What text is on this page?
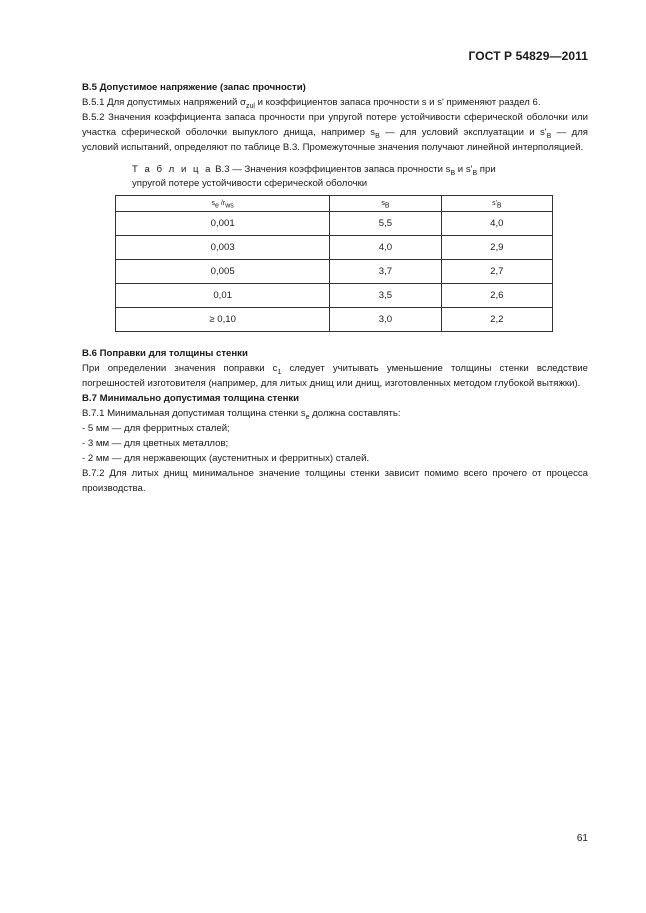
ГОСТ Р 54829—2011

B.5 Допустимое напряжение (запас прочности)

B.5.1 Для допустимых напряжений $\sigma_{zul}$ и коэффициентов запаса прочности s и s' применяют раздел 6.

B.5.2 Значения коэффициента запаса прочности при упругой потере устойчивости сферической оболочки или участка сферической оболочки выпуклого днища, например $s_B$ — для условий эксплуатации и $s'_B$ — для условий испытаний, определяют по таблице B.3. Промежуточные значения получают линейной интерполяцией.

Т а б л и ц а B.3 — Значения коэффициентов запаса прочности $s_B$ и $s'_B$ при упругой потере устойчивости сферической оболочки
$s_e$ $/r_{ws}$	$s_B$	$s'_B$
0,001	5,5	4,0
0,003	4,0	2,9
0,005	3,7	2,7
0,01	3,5	2,6
≥ 0,10	3,0	2,2

B.6 Поправки для толщины стенки

При определении значения поправки $c_1$ следует учитывать уменьшение толщины стенки вследствие погрешностей изготовителя (например, для литых днищ или днищ, изготовленных методом глубокой вытяжки).

B.7 Минимально допустимая толщина стенки

B.7.1 Минимальная допустимая толщина стенки $s_e$ должна составлять:

- 5 мм — для ферритных сталей;

- 3 мм — для цветных металлов;

- 2 мм — для нержавеющих (аустенитных и ферритных) сталей.

B.7.2 Для литых днищ минимальное значение толщины стенки зависит помимо всего прочего от процесса производства.

61
